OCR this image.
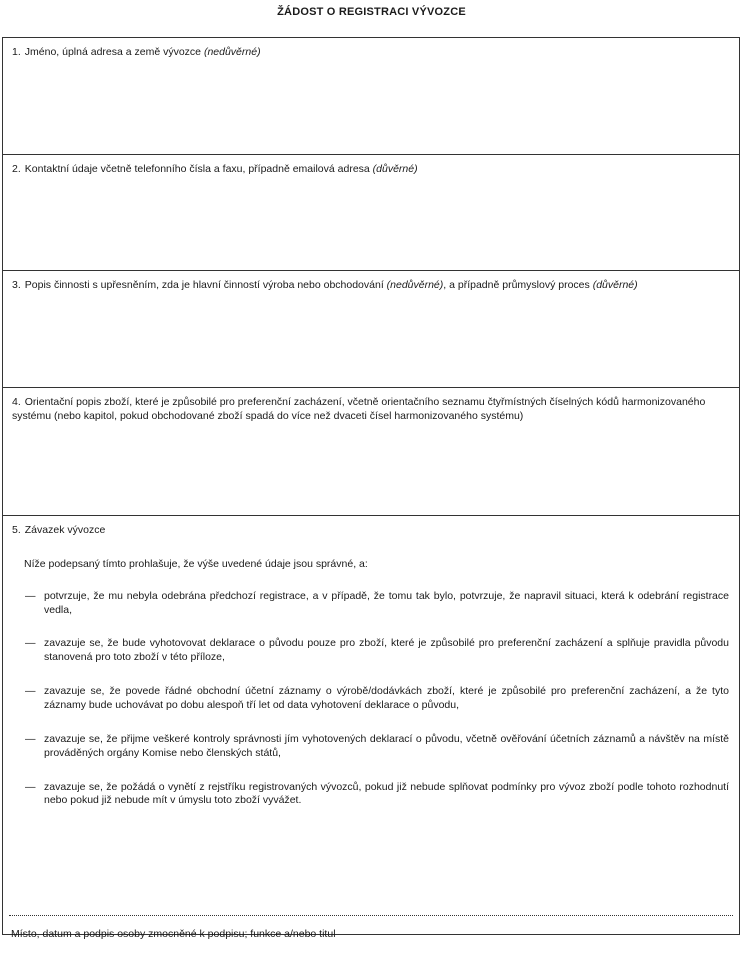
ŽÁDOST O REGISTRACI VÝVOZCE
1. Jméno, úplná adresa a země vývozce (nedůvěrné)
2. Kontaktní údaje včetně telefonního čísla a faxu, případně emailová adresa (důvěrné)
3. Popis činnosti s upřesněním, zda je hlavní činností výroba nebo obchodování (nedůvěrné), a případně průmyslový proces (důvěrné)
4. Orientační popis zboží, které je způsobilé pro preferenční zacházení, včetně orientačního seznamu čtyřmístných číselných kódů harmonizovaného systému (nebo kapitol, pokud obchodované zboží spadá do více než dvaceti čísel harmonizovaného systému)
5. Závazek vývozce
Níže podepsaný tímto prohlašuje, že výše uvedené údaje jsou správné, a:
— potvrzuje, že mu nebyla odebrána předchozí registrace, a v případě, že tomu tak bylo, potvrzuje, že napravil situaci, která k odebrání registrace vedla,
— zavazuje se, že bude vyhotovovat deklarace o původu pouze pro zboží, které je způsobilé pro preferenční zacházení a splňuje pravidla původu stanovená pro toto zboží v této příloze,
— zavazuje se, že povede řádné obchodní účetní záznamy o výrobě/dodávkách zboží, které je způsobilé pro preferenční zacházení, a že tyto záznamy bude uchovávat po dobu alespoň tří let od data vyhotovení deklarace o původu,
— zavazuje se, že přijme veškeré kontroly správnosti jím vyhotovených deklarací o původu, včetně ověřování účetních záznamů a návštěv na místě prováděných orgány Komise nebo členských států,
— zavazuje se, že požádá o vynětí z rejstříku registrovaných vývozců, pokud již nebude splňovat podmínky pro vývoz zboží podle tohoto rozhodnutí nebo pokud již nebude mít v úmyslu toto zboží vyvážet.
Místo, datum a podpis osoby zmocněné k podpisu; funkce a/nebo titul
